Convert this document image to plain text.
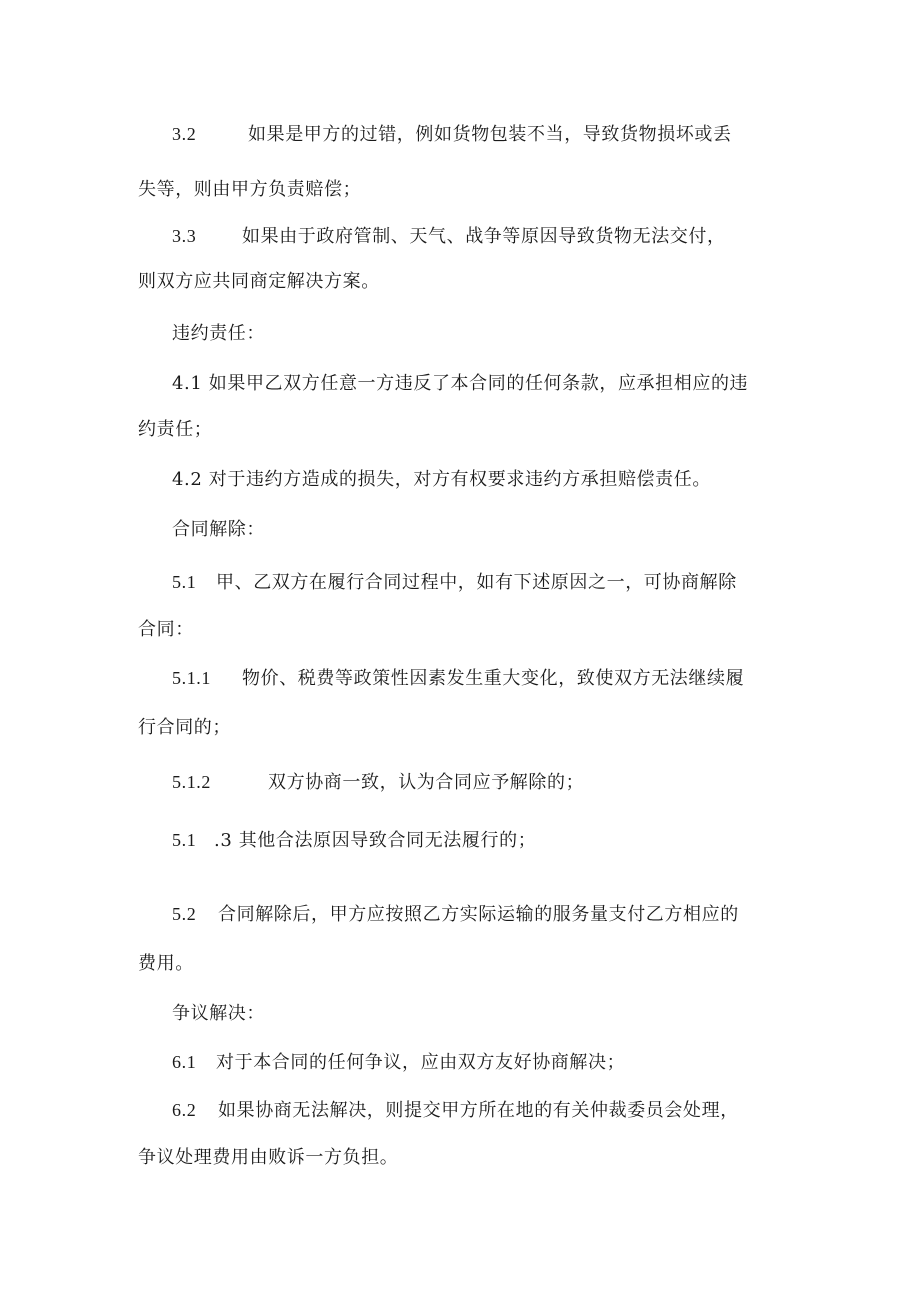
3.2	如果是甲方的过错，例如货物包装不当，导致货物损坏或丢
失等，则由甲方负责赔偿；
3.3	如果由于政府管制、天气、战争等原因导致货物无法交付，
则双方应共同商定解决方案。
违约责任：
4.1 如果甲乙双方任意一方违反了本合同的任何条款，应承担相应的违
约责任；
4.2 对于违约方造成的损失，对方有权要求违约方承担赔偿责任。
合同解除：
5.1 甲、乙双方在履行合同过程中，如有下述原因之一，可协商解除
合同：
5.1.1 物价、税费等政策性因素发生重大变化，致使双方无法继续履
行合同的；
5.1.2	双方协商一致，认为合同应予解除的；
5.1 .3 其他合法原因导致合同无法履行的；
5.2 合同解除后，甲方应按照乙方实际运输的服务量支付乙方相应的
费用。
争议解决：
6.1 对于本合同的任何争议，应由双方友好协商解决；
6.2 如果协商无法解决，则提交甲方所在地的有关仲裁委员会处理，
争议处理费用由败诉一方负担。
